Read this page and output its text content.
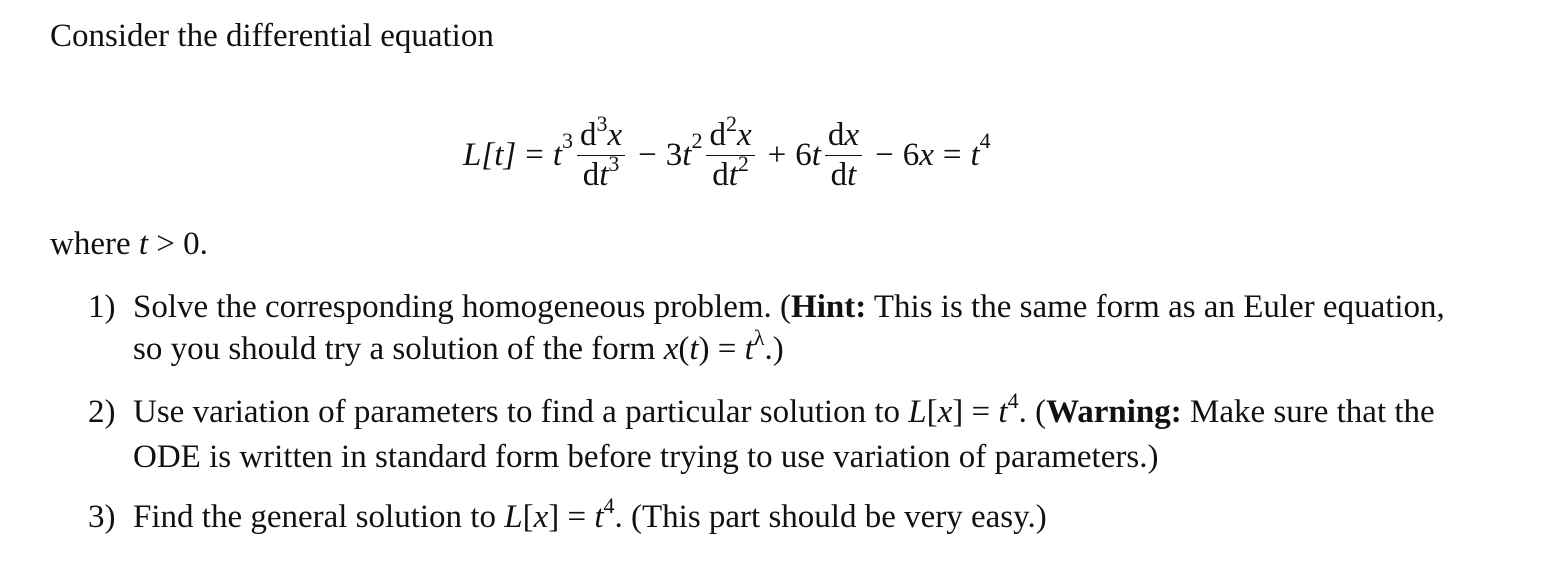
Consider the differential equation
L[t] = t $3 \frac{d^3x}{dt^3} - 3$ t $2 \frac{d^2x}{dt^2} + 6$ t $\frac{dx}{dt} - 6$ x = t 4
where t > 0.
1) Solve the corresponding homogeneous problem. (Hint: This is the same form as an Euler equation, so you should try a solution of the form $x(t) = t^\lambda$.)
2) Use variation of parameters to find a particular solution to $L[x] = t^4$. (Warning: Make sure that the ODE is written in standard form before trying to use variation of parameters.)
3) Find the general solution to $L[x] = t^4$. (This part should be very easy.)
